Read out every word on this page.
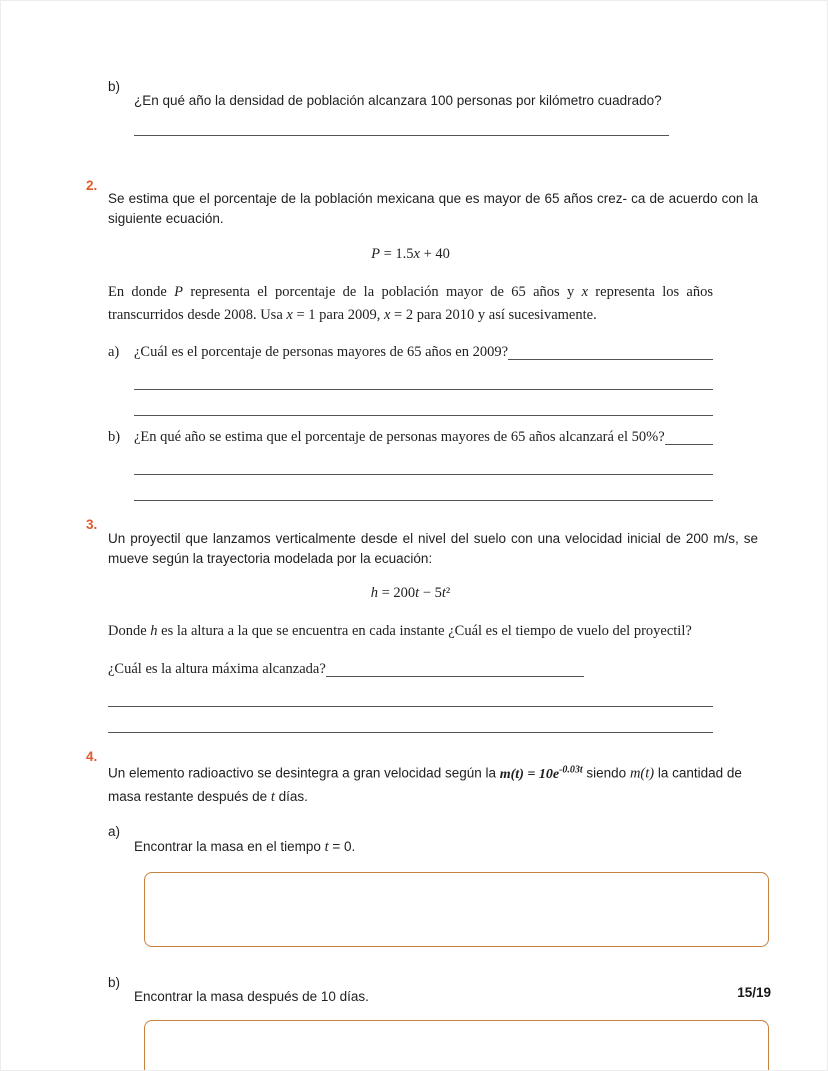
b)

¿En qué año la densidad de población alcanzara 100 personas por kilómetro cuadrado?

2.

Se estima que el porcentaje de la población mexicana que es mayor de 65 años crez- ca de acuerdo con la siguiente ecuación.

P = 1.5x + 40

En donde P representa el porcentaje de la población mayor de 65 años y x representa los años transcurridos desde 2008. Usa x = 1 para 2009, x = 2 para 2010 y así sucesivamente.

a)	¿Cuál es el porcentaje de personas mayores de 65 años en 2009?
b) ¿En qué año se estima que el porcentaje de personas mayores de 65 años alcanzará el 50%?
3.

Un proyectil que lanzamos verticalmente desde el nivel del suelo con una velocidad inicial de 200 m/s, se mueve según la trayectoria modelada por la ecuación:

h = 200t − 5t²

Donde h es la altura a la que se encuentra en cada instante ¿Cuál es el tiempo de vuelo del proyectil?

¿Cuál es la altura máxima alcanzada?
4.

Un elemento radioactivo se desintegra a gran velocidad según la $m(t) = 10e^{-0.03t}$ siendo m(t) la cantidad de masa restante después de t días.

a)

Encontrar la masa en el tiempo t = 0.

b)

Encontrar la masa después de 10 días.	15/19
